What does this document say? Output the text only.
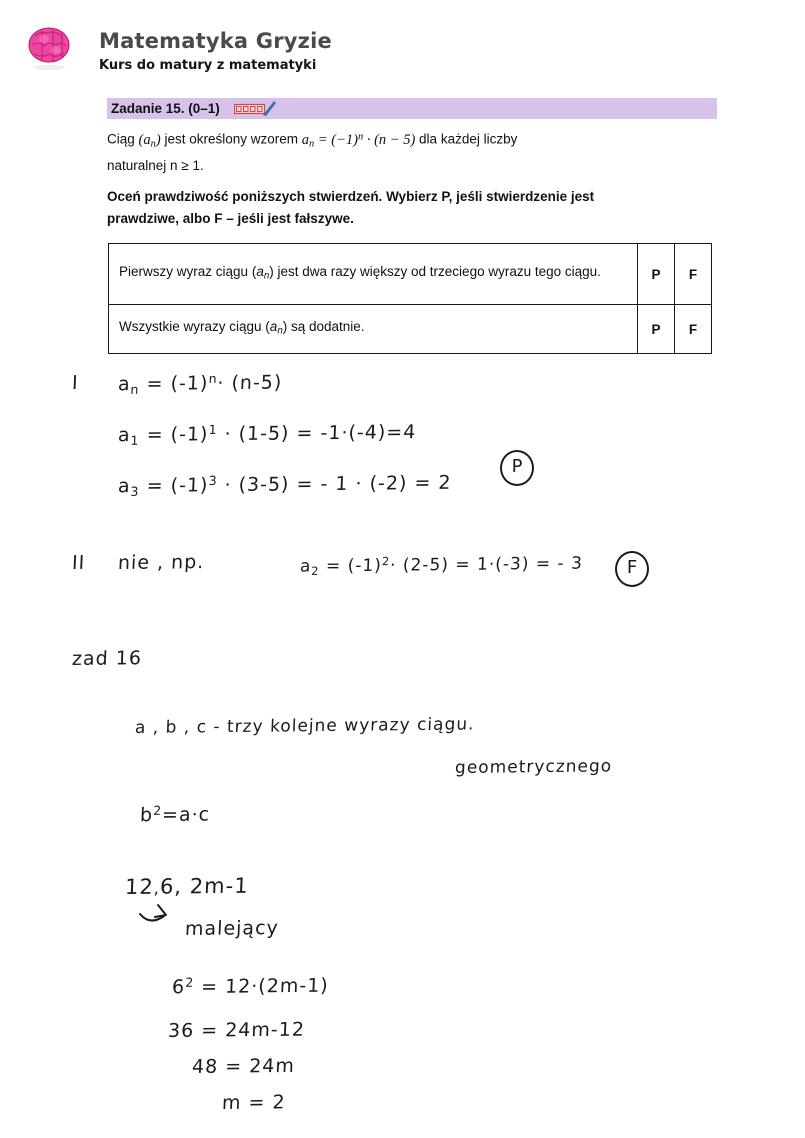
Matematyka Gryzie
Kurs do matury z matematyki
Zadanie 15. (0–1)
Ciąg $(a_n)$ jest określony wzorem $a_n = (-1)^n \cdot (n - 5)$ dla każdej liczby
naturalnej n ≥ 1.
Oceń prawdziwość poniższych stwierdzeń. Wybierz P, jeśli stwierdzenie jest
prawdziwe, albo F – jeśli jest fałszywe.
Pierwszy wyraz ciągu $(a_n)$ jest dwa razy większy od trzeciego wyrazu tego ciągu.	P	F
Wszystkie wyrazy ciągu $(a_n)$ są dodatnie.	P	F
I an = $(-1)^n\cdot (n-5)$
$a1 = (-1)^1 \cdot (1-5) = -1\cdot(-4)=4$
$a3 = (-1)^3 \cdot (3-5)$ = - 1 · (-2) = 2
P
II nie , np.	$a2 = (-1)^2\cdot (2-5) = 1\cdot(-3)$ = - 3	F
zad 16
a , b , c - trzy kolejne wyrazy ciągu.
geometrycznego
$b^2=a\cdot c$
12,6, 2m-1
malejący
$6^2 = 12\cdot(2m-1)$
36 = 24m-12
48 = 24m
m = 2
